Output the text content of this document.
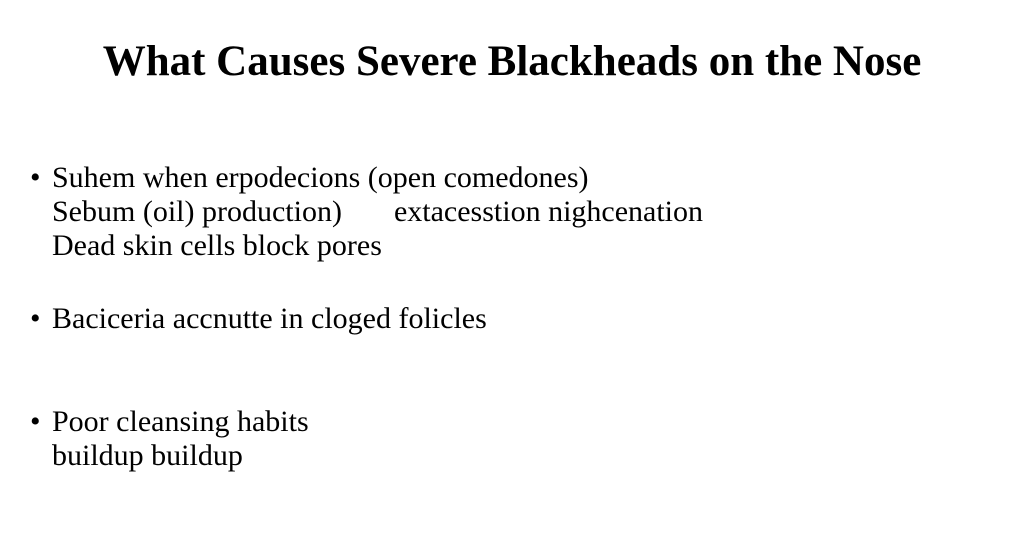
What Causes Severe Blackheads on the Nose
• Suhem when erpodecions (open comedones)
Sebum (oil) production) extacesstion nighcenation
Dead skin cells block pores
• Baciceria accnutte in cloged folicles
• Poor cleansing habits
buildup buildup
